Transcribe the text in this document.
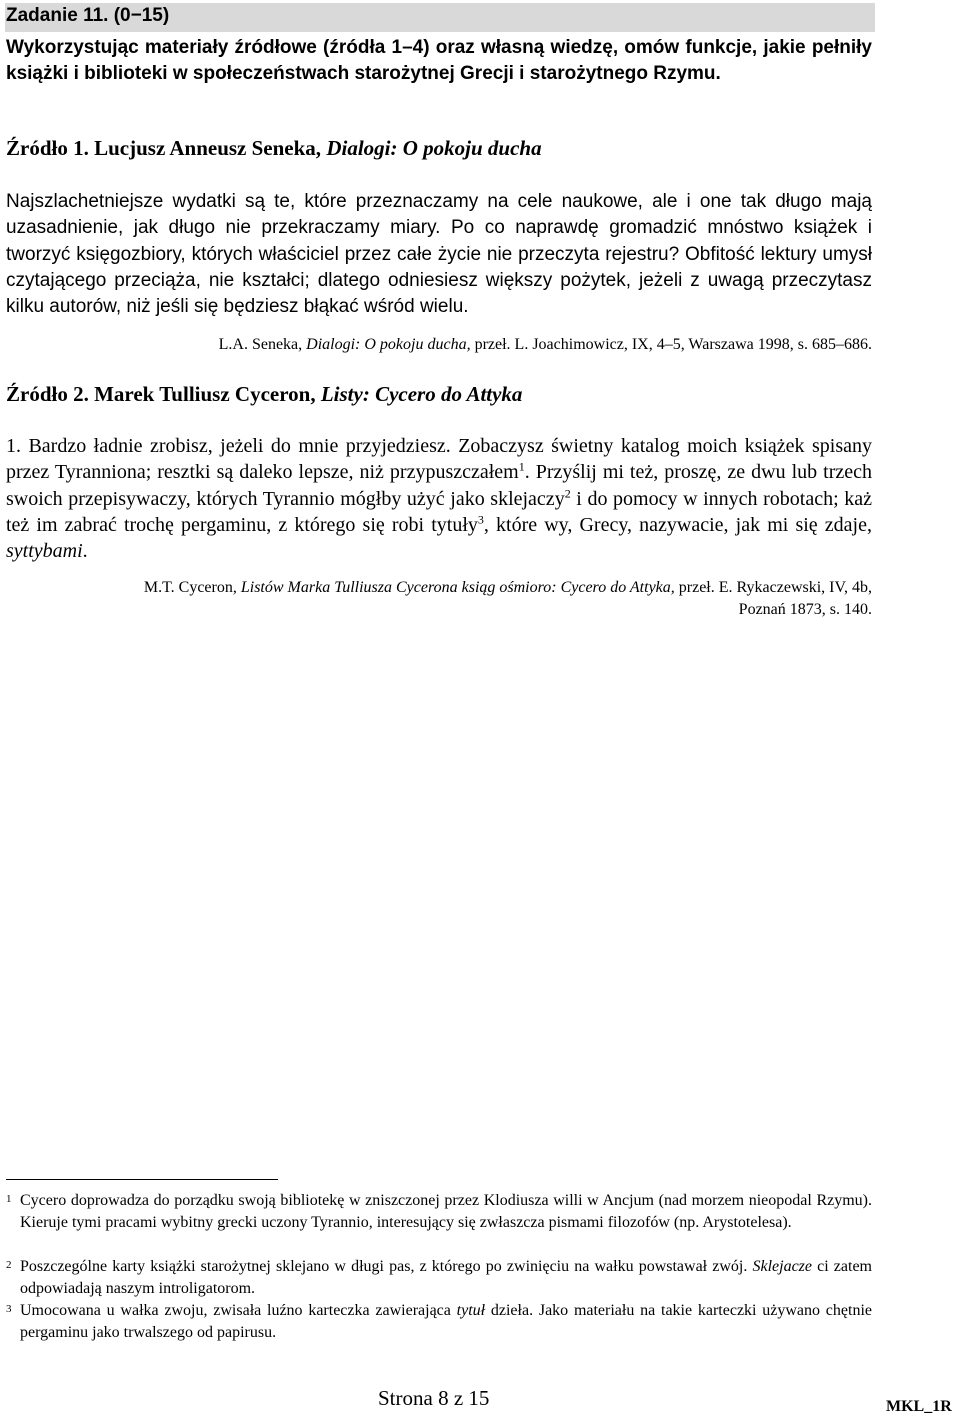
Zadanie 11. (0−15)
Wykorzystując materiały źródłowe (źródła 1–4) oraz własną wiedzę, omów funkcje, jakie pełniły książki i biblioteki w społeczeństwach starożytnej Grecji i starożytnego Rzymu.
Źródło 1. Lucjusz Anneusz Seneka, Dialogi: O pokoju ducha
Najszlachetniejsze wydatki są te, które przeznaczamy na cele naukowe, ale i one tak długo mają uzasadnienie, jak długo nie przekraczamy miary. Po co naprawdę gromadzić mnóstwo książek i tworzyć księgozbiory, których właściciel przez całe życie nie przeczyta rejestru? Obfitość lektury umysł czytającego przeciąża, nie kształci; dlatego odniesiesz większy pożytek, jeżeli z uwagą przeczytasz kilku autorów, niż jeśli się będziesz błąkać wśród wielu.
L.A. Seneka, Dialogi: O pokoju ducha, przeł. L. Joachimowicz, IX, 4–5, Warszawa 1998, s. 685–686.
Źródło 2. Marek Tulliusz Cyceron, Listy: Cycero do Attyka
1. Bardzo ładnie zrobisz, jeżeli do mnie przyjedziesz. Zobaczysz świetny katalog moich książek spisany przez Tyranniona; resztki są daleko lepsze, niż przypuszczałem$^1$. Przyślij mi też, proszę, ze dwu lub trzech swoich przepisywaczy, których Tyrannio mógłby użyć jako sklejaczy$^2$ i do pomocy w innych robotach; każ też im zabrać trochę pergaminu, z którego się robi tytuły$^3$, które wy, Grecy, nazywacie, jak mi się zdaje, syttybami.
M.T. Cyceron, Listów Marka Tulliusza Cycerona ksiąg ośmioro: Cycero do Attyka, przeł. E. Rykaczewski, IV, 4b,
Poznań 1873, s. 140.
1 Cycero doprowadza do porządku swoją bibliotekę w zniszczonej przez Klodiusza willi w Ancjum (nad morzem nieopodal Rzymu). Kieruje tymi pracami wybitny grecki uczony Tyrannio, interesujący się zwłaszcza pismami filozofów (np. Arystotelesa).
2 Poszczególne karty książki starożytnej sklejano w długi pas, z którego po zwinięciu na wałku powstawał zwój. Sklejacze ci zatem odpowiadają naszym introligatorom.
3 Umocowana u wałka zwoju, zwisała luźno karteczka zawierająca tytuł dzieła. Jako materiału na takie karteczki używano chętnie pergaminu jako trwalszego od papirusu.
Strona 8 z 15	MKL_1R
